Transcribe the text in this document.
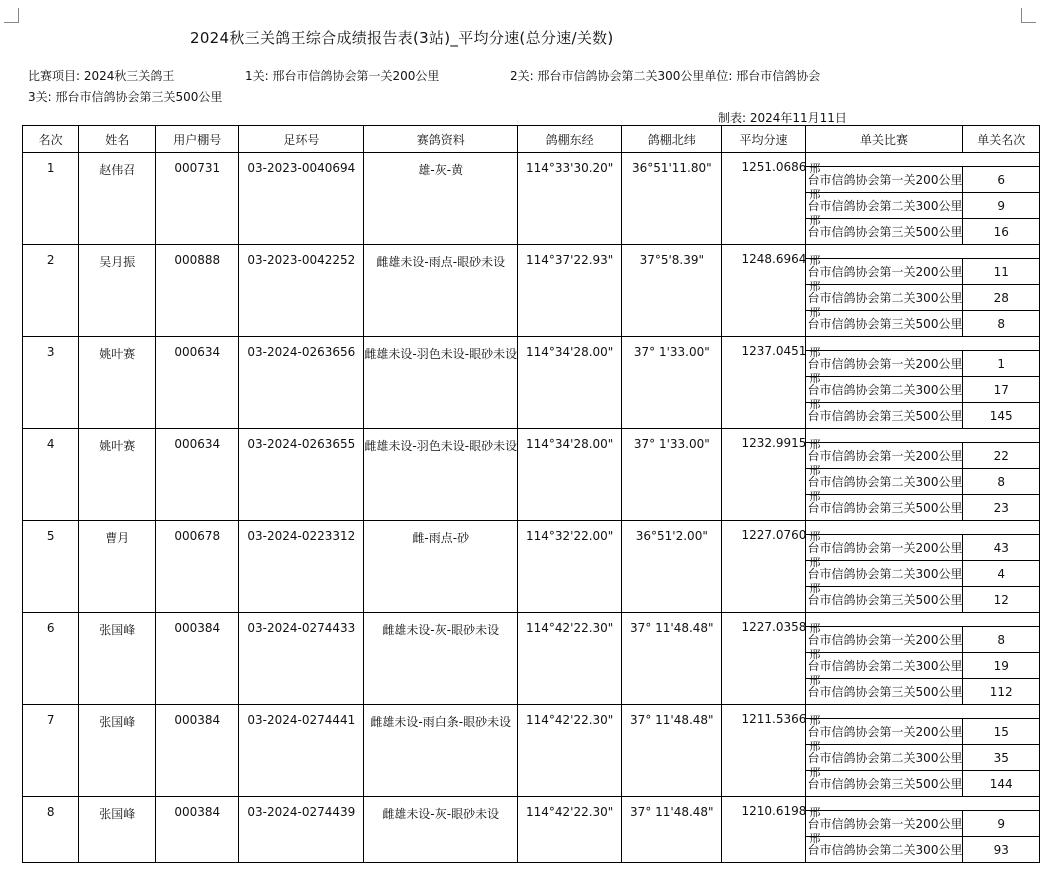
2024秋三关鸽王综合成绩报告表(3站)_平均分速(总分速/关数)
比赛项目: 2024秋三关鸽王	1关: 邢台市信鸽协会第一关200公里	2关: 邢台市信鸽协会第二关300公里单位: 邢台市信鸽协会
3关: 邢台市信鸽协会第三关500公里
制表: 2024年11月11日
名次	姓名	用户棚号	足环号	赛鸽资料	鸽棚东经	鸽棚北纬	平均分速	单关比赛	单关名次
1	赵伟召	000731	03-2023-0040694	雄-灰-黄	114°33'30.20"	36°51'11.80"	1251.0686 邢
邢
邢		

								台市信鸽协会第一关200公里	6
								台市信鸽协会第二关300公里	9
								台市信鸽协会第三关500公里	16
2	吴月振	000888	03-2023-0042252	雌雄未设-雨点-眼砂未设	114°37'22.93"	37°5'8.39"	1248.6964 邢
邢
邢		

								台市信鸽协会第一关200公里	11
								台市信鸽协会第二关300公里	28
								台市信鸽协会第三关500公里	8
3	姚叶赛	000634	03-2024-0263656	雌雄未设-羽色未设-眼砂未设	114°34'28.00"	37° 1'33.00"	1237.0451 邢
邢
邢		

								台市信鸽协会第一关200公里	1
								台市信鸽协会第二关300公里	17
								台市信鸽协会第三关500公里	145
4	姚叶赛	000634	03-2024-0263655	雌雄未设-羽色未设-眼砂未设	114°34'28.00"	37° 1'33.00"	1232.9915 邢
邢
邢		

								台市信鸽协会第一关200公里	22
								台市信鸽协会第二关300公里	8
								台市信鸽协会第三关500公里	23
5	曹月	000678	03-2024-0223312	雌-雨点-砂	114°32'22.00"	36°51'2.00"	1227.0760 邢
邢
邢		

								台市信鸽协会第一关200公里	43
								台市信鸽协会第二关300公里	4
								台市信鸽协会第三关500公里	12
6	张国峰	000384	03-2024-0274433	雌雄未设-灰-眼砂未设	114°42'22.30"	37° 11'48.48"	1227.0358 邢
邢
邢		

								台市信鸽协会第一关200公里	8
								台市信鸽协会第二关300公里	19
								台市信鸽协会第三关500公里	112
7	张国峰	000384	03-2024-0274441	雌雄未设-雨白条-眼砂未设	114°42'22.30"	37° 11'48.48"	1211.5366 邢
邢
邢		

								台市信鸽协会第一关200公里	15
								台市信鸽协会第二关300公里	35
								台市信鸽协会第三关500公里	144
8	张国峰	000384	03-2024-0274439	雌雄未设-灰-眼砂未设	114°42'22.30"	37° 11'48.48"	1210.6198 邢
邢		

								台市信鸽协会第一关200公里	9
								台市信鸽协会第二关300公里	93
